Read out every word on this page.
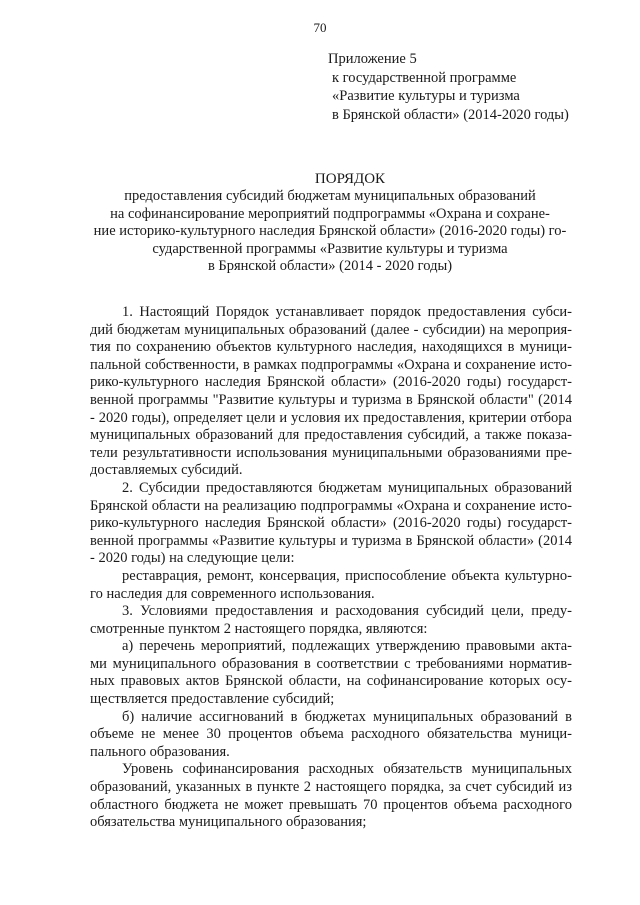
70
Приложение 5
к государственной программе
«Развитие культуры и туризма
в Брянской области» (2014-2020 годы)
ПОРЯДОК
предоставления субсидий бюджетам муниципальных образований
на софинансирование мероприятий подпрограммы «Охрана и сохране-
ние историко-культурного наследия Брянской области» (2016-2020 годы) го-
сударственной программы «Развитие культуры и туризма
в Брянской области» (2014 - 2020 годы)

1. Настоящий Порядок устанавливает порядок предоставления субси-дий бюджетам муниципальных образований (далее - субсидии) на мероприя-тия по сохранению объектов культурного наследия, находящихся в муници-пальной собственности, в рамках подпрограммы «Охрана и сохранение исто-рико-культурного наследия Брянской области» (2016-2020 годы) государст-венной программы "Развитие культуры и туризма в Брянской области" (2014 - 2020 годы), определяет цели и условия их предоставления, критерии отбора муниципальных образований для предоставления субсидий, а также показа-тели результативности использования муниципальными образованиями пре-доставляемых субсидий.

2. Субсидии предоставляются бюджетам муниципальных образований Брянской области на реализацию подпрограммы «Охрана и сохранение исто-рико-культурного наследия Брянской области» (2016-2020 годы) государст-венной программы «Развитие культуры и туризма в Брянской области» (2014 - 2020 годы) на следующие цели:

реставрация, ремонт, консервация, приспособление объекта культурно-го наследия для современного использования.

3. Условиями предоставления и расходования субсидий цели, преду-смотренные пунктом 2 настоящего порядка, являются:

а) перечень мероприятий, подлежащих утверждению правовыми акта-ми муниципального образования в соответствии с требованиями норматив-ных правовых актов Брянской области, на софинансирование которых осу-ществляется предоставление субсидий;

б) наличие ассигнований в бюджетах муниципальных образований в объеме не менее 30 процентов объема расходного обязательства муници-пального образования.

Уровень софинансирования расходных обязательств муниципальных образований, указанных в пункте 2 настоящего порядка, за счет субсидий из областного бюджета не может превышать 70 процентов объема расходного обязательства муниципального образования;
